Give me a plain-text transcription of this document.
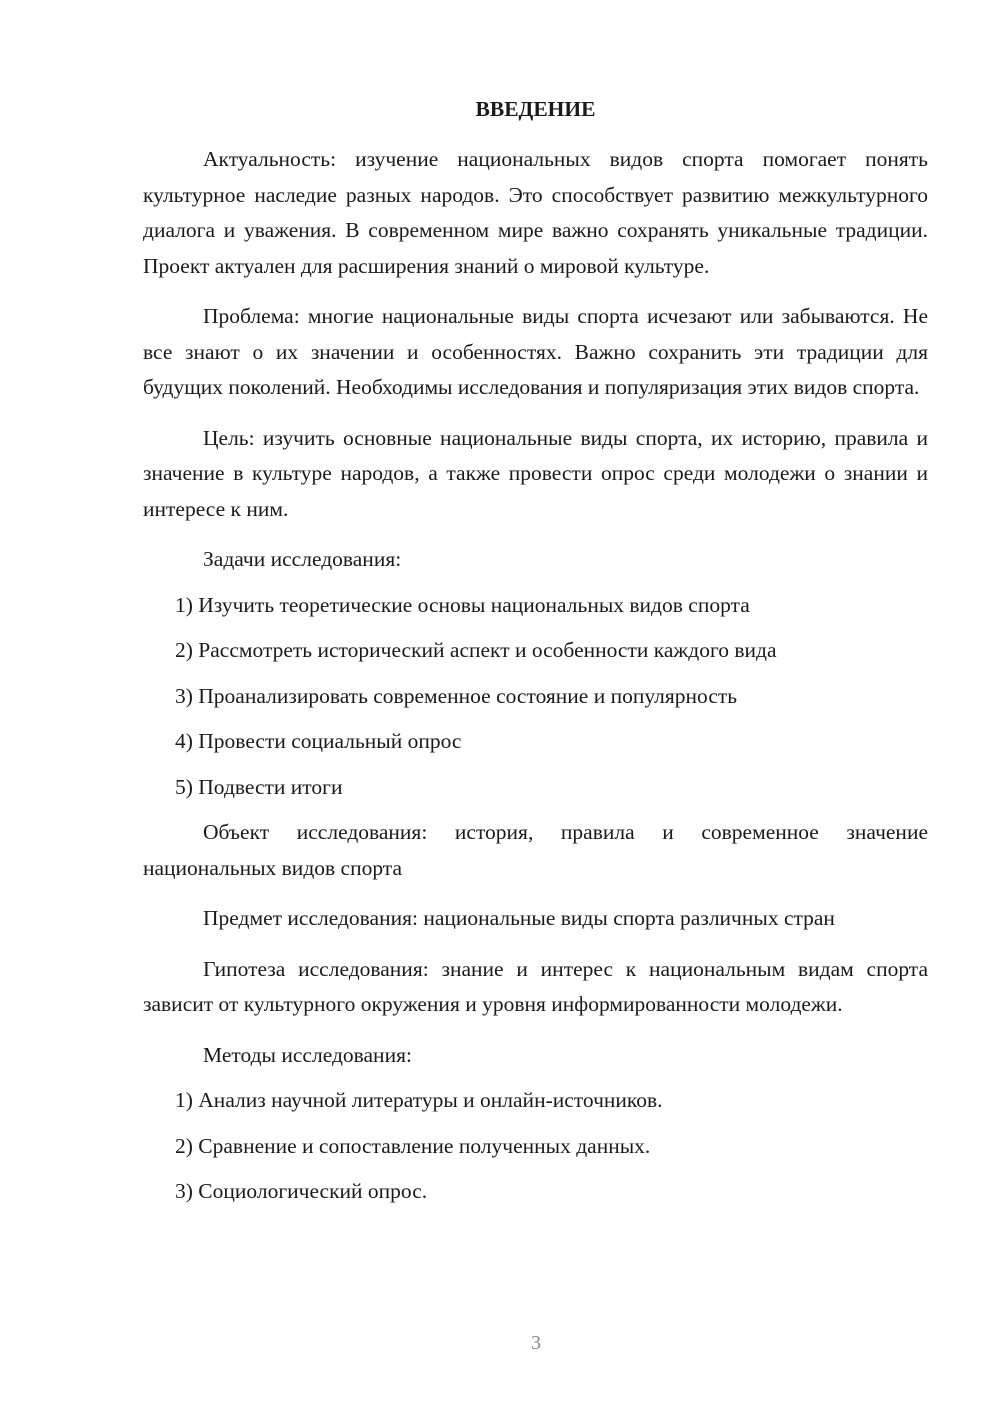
ВВЕДЕНИЕ

Актуальность: изучение национальных видов спорта помогает понять культурное наследие разных народов. Это способствует развитию межкультурного диалога и уважения. В современном мире важно сохранять уникальные традиции. Проект актуален для расширения знаний о мировой культуре.

Проблема: многие национальные виды спорта исчезают или забываются. Не все знают о их значении и особенностях. Важно сохранить эти традиции для будущих поколений. Необходимы исследования и популяризация этих видов спорта.

Цель: изучить основные национальные виды спорта, их историю, правила и значение в культуре народов, а также провести опрос среди молодежи о знании и интересе к ним.

Задачи исследования:

1) Изучить теоретические основы национальных видов спорта
2) Рассмотреть исторический аспект и особенности каждого вида
3) Проанализировать современное состояние и популярность
4) Провести социальный опрос
5) Подвести итоги

Объект исследования: история, правила и современное значение национальных видов спорта

Предмет исследования: национальные виды спорта различных стран

Гипотеза исследования: знание и интерес к национальным видам спорта зависит от культурного окружения и уровня информированности молодежи.

Методы исследования:

1) Анализ научной литературы и онлайн-источников.
2) Сравнение и сопоставление полученных данных.
3) Социологический опрос.
3
